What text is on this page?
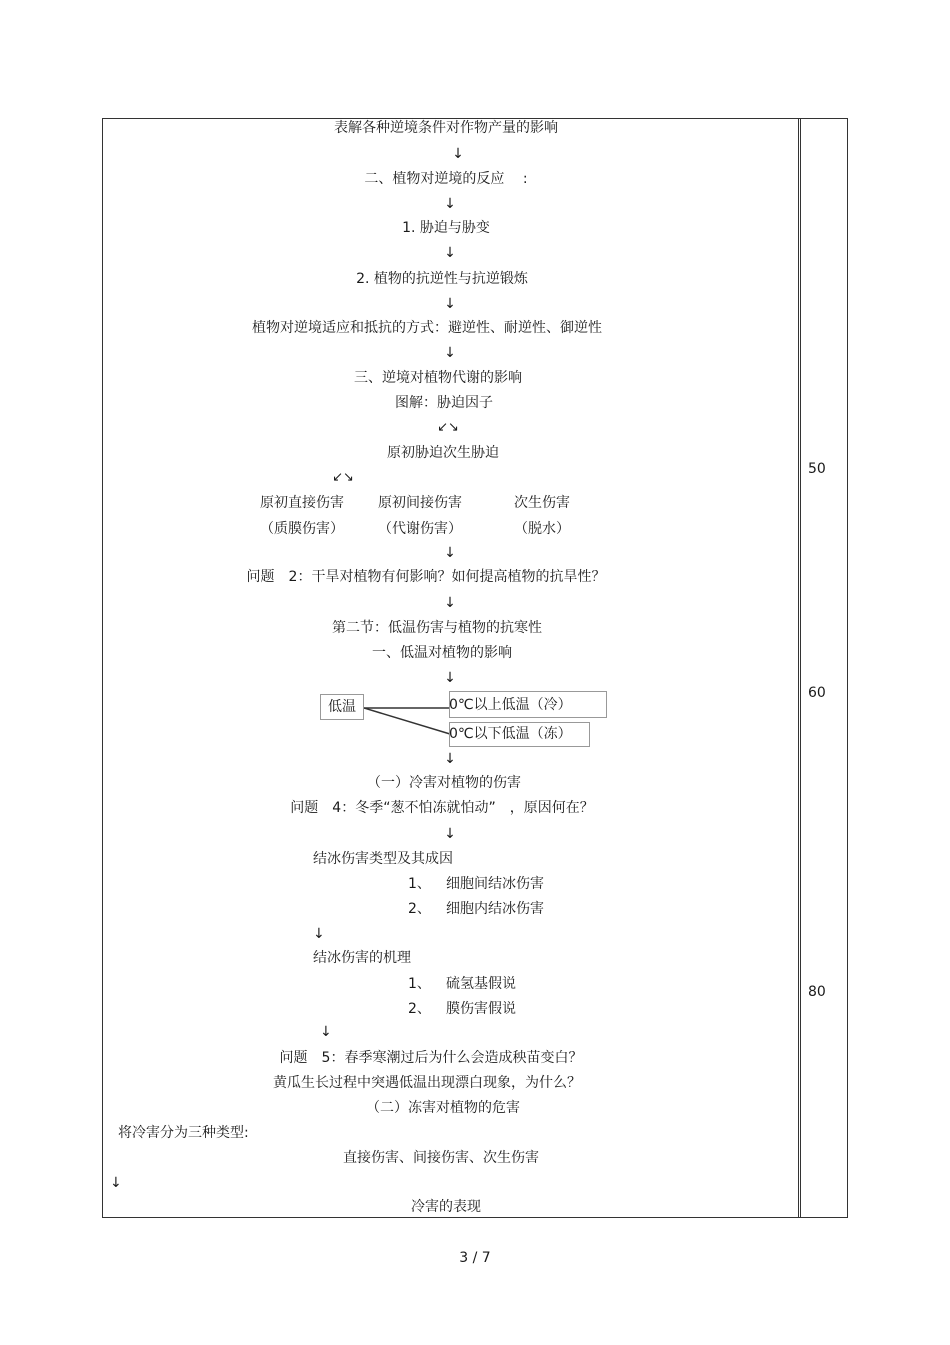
表解各种逆境条件对作物产量的影响
↓
二、植物对逆境的反应　 :
↓
1. 胁迫与胁变
↓
2. 植物的抗逆性与抗逆锻炼
↓
植物对逆境适应和抵抗的方式：避逆性、耐逆性、御逆性
↓
三、逆境对植物代谢的影响
图解：胁迫因子
↙↘
原初胁迫次生胁迫
↙↘
原初直接伤害 原初间接伤害	次生伤害
（质膜伤害） （代谢伤害）	（脱水）
↓
问题　2：干旱对植物有何影响？如何提高植物的抗旱性？
↓
第二节：低温伤害与植物的抗寒性
一、低温对植物的影响
↓
低温	0℃以上低温（冷）
0℃以下低温（冻）
↓
（一）冷害对植物的伤害
问题　4：冬季“葱不怕冻就怕动”　，原因何在？
↓
结冰伤害类型及其成因
1、 细胞间结冰伤害
2、 细胞内结冰伤害
↓
结冰伤害的机理
1、 硫氢基假说
2、 膜伤害假说
↓
问题　5：春季寒潮过后为什么会造成秧苗变白？
黄瓜生长过程中突遇低温出现漂白现象，为什么？
（二）冻害对植物的危害
将冷害分为三种类型:
直接伤害、间接伤害、次生伤害
↓
冷害的表现
50
60
80
3 / 7
